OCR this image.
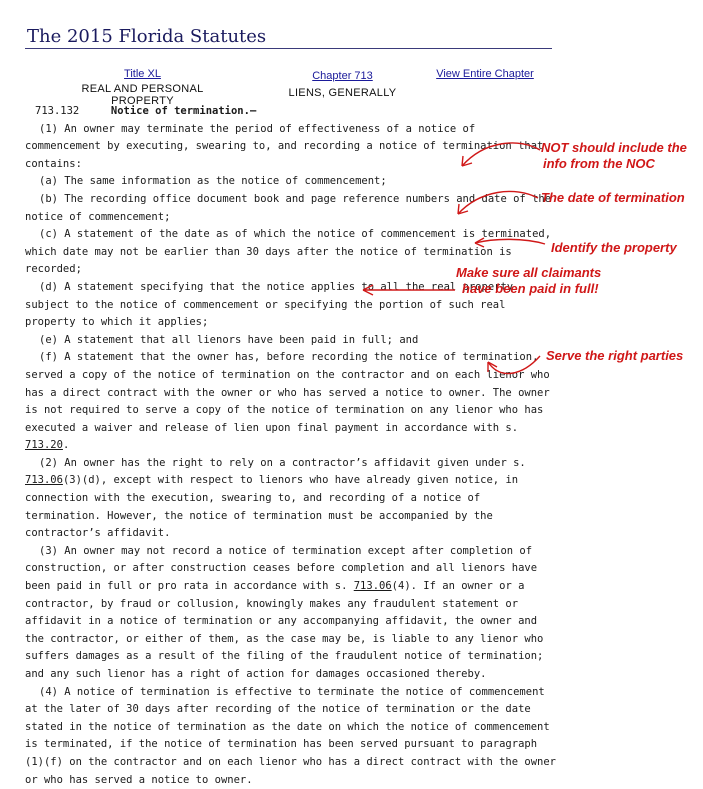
The 2015 Florida Statutes
Title XL
REAL AND PERSONAL PROPERTY
Chapter 713
LIENS, GENERALLY
View Entire Chapter

713.132	Notice of termination.—

(1) An owner may terminate the period of effectiveness of a notice of commencement by executing, swearing to, and recording a notice of termination that contains:

(a) The same information as the notice of commencement;

(b) The recording office document book and page reference numbers and date of the notice of commencement;

(c) A statement of the date as of which the notice of commencement is terminated, which date may not be earlier than 30 days after the notice of termination is recorded;

(d) A statement specifying that the notice applies to all the real property subject to the notice of commencement or specifying the portion of such real property to which it applies;

(e) A statement that all lienors have been paid in full; and

(f) A statement that the owner has, before recording the notice of termination, served a copy of the notice of termination on the contractor and on each lienor who has a direct contract with the owner or who has served a notice to owner. The owner is not required to serve a copy of the notice of termination on any lienor who has executed a waiver and release of lien upon final payment in accordance with s. 713.20.

(2) An owner has the right to rely on a contractor’s affidavit given under s. 713.06(3)(d), except with respect to lienors who have already given notice, in connection with the execution, swearing to, and recording of a notice of termination. However, the notice of termination must be accompanied by the contractor’s affidavit.

(3) An owner may not record a notice of termination except after completion of construction, or after construction ceases before completion and all lienors have been paid in full or pro rata in accordance with s. 713.06(4). If an owner or a contractor, by fraud or collusion, knowingly makes any fraudulent statement or affidavit in a notice of termination or any accompanying affidavit, the owner and the contractor, or either of them, as the case may be, is liable to any lienor who suffers damages as a result of the filing of the fraudulent notice of termination; and any such lienor has a right of action for damages occasioned thereby.

(4) A notice of termination is effective to terminate the notice of commencement at the later of 30 days after recording of the notice of termination or the date stated in the notice of termination as the date on which the notice of commencement is terminated, if the notice of termination has been served pursuant to paragraph (1)(f) on the contractor and on each lienor who has a direct contract with the owner or who has served a notice to owner.

NOT should include the
info from the NOC
The date of termination
Identify the property
Make sure all claimants
have been paid in full!
Serve the right parties
